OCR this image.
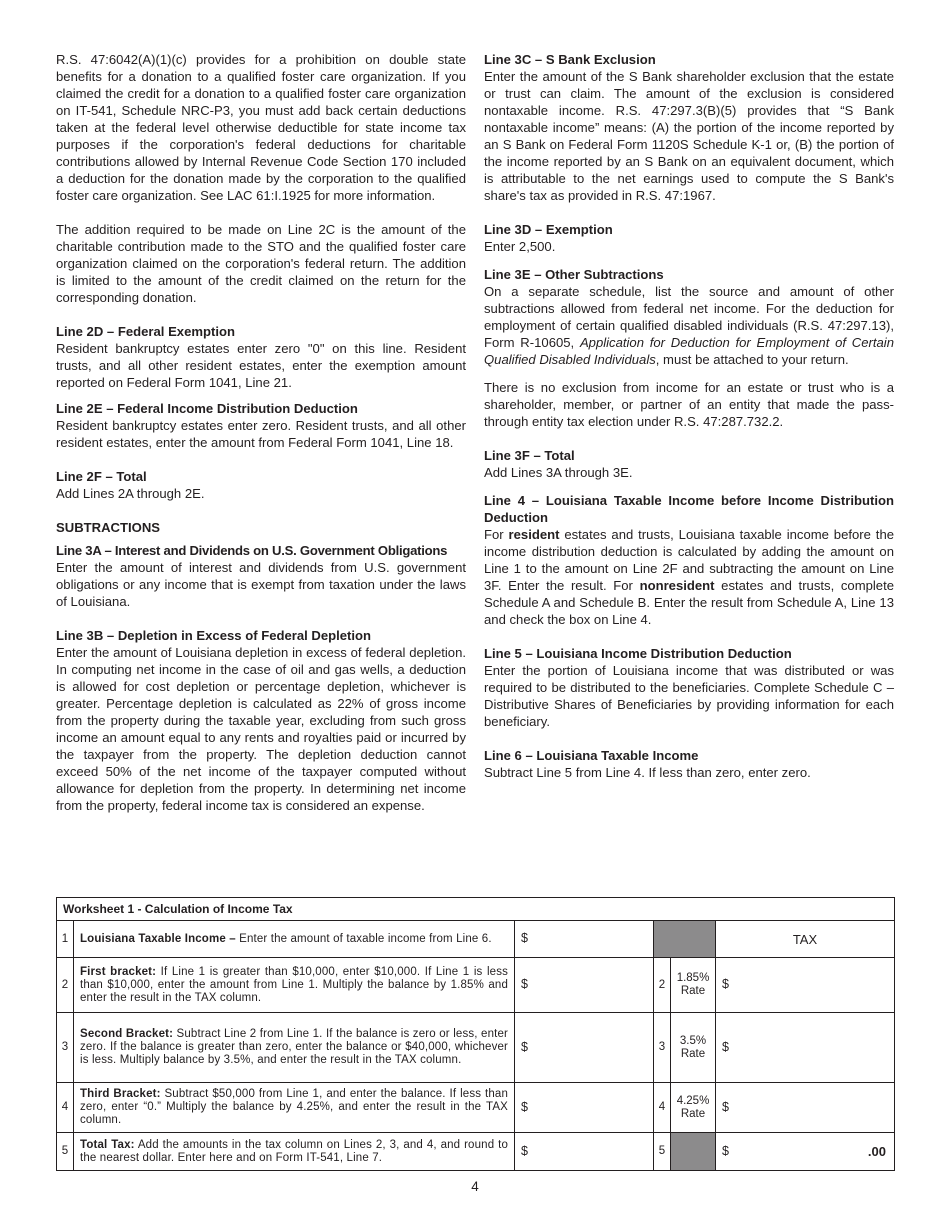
R.S. 47:6042(A)(1)(c) provides for a prohibition on double state benefits for a donation to a qualified foster care organization. If you claimed the credit for a donation to a qualified foster care organization on IT-541, Schedule NRC-P3, you must add back certain deductions taken at the federal level otherwise deductible for state income tax purposes if the corporation's federal deductions for charitable contributions allowed by Internal Revenue Code Section 170 included a deduction for the donation made by the corporation to the qualified foster care organization. See LAC 61:I.1925 for more information.

The addition required to be made on Line 2C is the amount of the charitable contribution made to the STO and the qualified foster care organization claimed on the corporation's federal return. The addition is limited to the amount of the credit claimed on the return for the corresponding donation.

Line 2D – Federal Exemption

Resident bankruptcy estates enter zero "0" on this line. Resident trusts, and all other resident estates, enter the exemption amount reported on Federal Form 1041, Line 21.

Line 2E – Federal Income Distribution Deduction

Resident bankruptcy estates enter zero. Resident trusts, and all other resident estates, enter the amount from Federal Form 1041, Line 18.

Line 2F – Total

Add Lines 2A through 2E.

SUBTRACTIONS

Line 3A – Interest and Dividends on U.S. Government Obligations

Enter the amount of interest and dividends from U.S. government obligations or any income that is exempt from taxation under the laws of Louisiana.

Line 3B – Depletion in Excess of Federal Depletion

Enter the amount of Louisiana depletion in excess of federal depletion. In computing net income in the case of oil and gas wells, a deduction is allowed for cost depletion or percentage depletion, whichever is greater. Percentage depletion is calculated as 22% of gross income from the property during the taxable year, excluding from such gross income an amount equal to any rents and royalties paid or incurred by the taxpayer from the property. The depletion deduction cannot exceed 50% of the net income of the taxpayer computed without allowance for depletion from the property. In determining net income from the property, federal income tax is considered an expense.

Line 3C – S Bank Exclusion

Enter the amount of the S Bank shareholder exclusion that the estate or trust can claim. The amount of the exclusion is considered nontaxable income. R.S. 47:297.3(B)(5) provides that “S Bank nontaxable income” means: (A) the portion of the income reported by an S Bank on Federal Form 1120S Schedule K-1 or, (B) the portion of the income reported by an S Bank on an equivalent document, which is attributable to the net earnings used to compute the S Bank's share's tax as provided in R.S. 47:1967.

Line 3D – Exemption

Enter 2,500.

Line 3E – Other Subtractions

On a separate schedule, list the source and amount of other subtractions allowed from federal net income. For the deduction for employment of certain qualified disabled individuals (R.S. 47:297.13), Form R-10605, Application for Deduction for Employment of Certain Qualified Disabled Individuals, must be attached to your return.

There is no exclusion from income for an estate or trust who is a shareholder, member, or partner of an entity that made the pass-through entity tax election under R.S. 47:287.732.2.

Line 3F – Total

Add Lines 3A through 3E.

Line 4 – Louisiana Taxable Income before Income Distribution Deduction

For resident estates and trusts, Louisiana taxable income before the income distribution deduction is calculated by adding the amount on Line 1 to the amount on Line 2F and subtracting the amount on Line 3F. Enter the result. For nonresident estates and trusts, complete Schedule A and Schedule B. Enter the result from Schedule A, Line 13 and check the box on Line 4.

Line 5 – Louisiana Income Distribution Deduction

Enter the portion of Louisiana income that was distributed or was required to be distributed to the beneficiaries. Complete Schedule C – Distributive Shares of Beneficiaries by providing information for each beneficiary.

Line 6 – Louisiana Taxable Income

Subtract Line 5 from Line 4. If less than zero, enter zero.

Worksheet 1 - Calculation of Income Tax					
1	Louisiana Taxable Income – Enter the amount of taxable income from Line 6.	$			TAX
2	First bracket: If Line 1 is greater than $10,000, enter $10,000. If Line 1 is less than $10,000, enter the amount from Line 1. Multiply the balance by 1.85% and enter the result in the TAX column.	$	2	1.85%
Rate	$
3	Second Bracket: Subtract Line 2 from Line 1. If the balance is zero or less, enter zero. If the balance is greater than zero, enter the balance or $40,000, whichever is less. Multiply balance by 3.5%, and enter the result in the TAX column.	$	3	3.5%
Rate	$
4	Third Bracket: Subtract $50,000 from Line 1, and enter the balance. If less than zero, enter “0.” Multiply the balance by 4.25%, and enter the result in the TAX column.	$	4	4.25%
Rate	$
5	Total Tax: Add the amounts in the tax column on Lines 2, 3, and 4, and round to the nearest dollar. Enter here and on Form IT-541, Line 7.	$	5		$ .00
4
